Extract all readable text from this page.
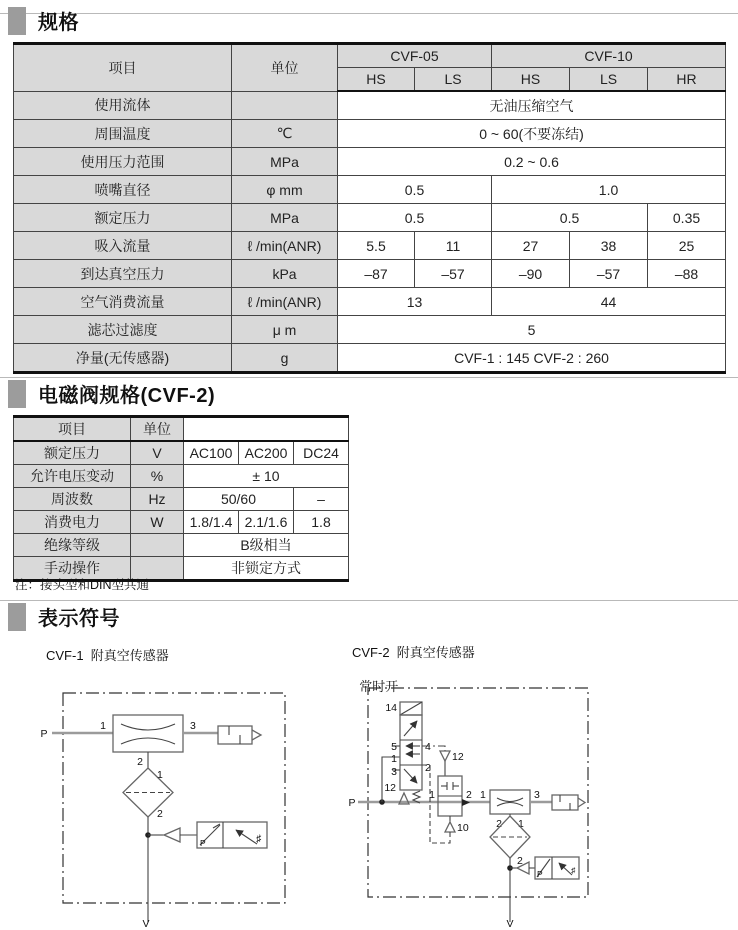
规格
项目	单位	CVF-05		CVF-10		
		HS	LS	HS	LS	HR
使用流体		无油压缩空气				
周围温度	℃	0 ~ 60(不要冻结)				
使用压力范围	MPa	0.2 ~ 0.6				
喷嘴直径	φ mm	0.5		1.0		
额定压力	MPa	0.5		0.5		0.35
吸入流量	ℓ /min(ANR)	5.5	11	27	38	25
到达真空压力	kPa	–87	–57	–90	–57	–88
空气消费流量	ℓ /min(ANR)	13		44		
滤芯过滤度	μ m	5				
净量(无传感器)	g	CVF-1 : 145 CVF-2 : 260				
电磁阀规格(CVF-2)
项目	单位			
额定压力	V	AC100	AC200	DC24
允许电压变动	%	± 10		
周波数	Hz	50/60		–
消费电力	W	1.8/1.4	2.1/1.6	1.8
绝缘等级		B级相当		
手动操作		非锁定方式		
注：接头型和DIN型共通
表示符号
CVF-1  附真空传感器	CVF-2  附真空传感器

常时开
P
1	3
2
1
2
P	♯
V
P
14
5
1
3
12
4
2
12
10
1	2 1	3
2 1
2
P	♯
V
